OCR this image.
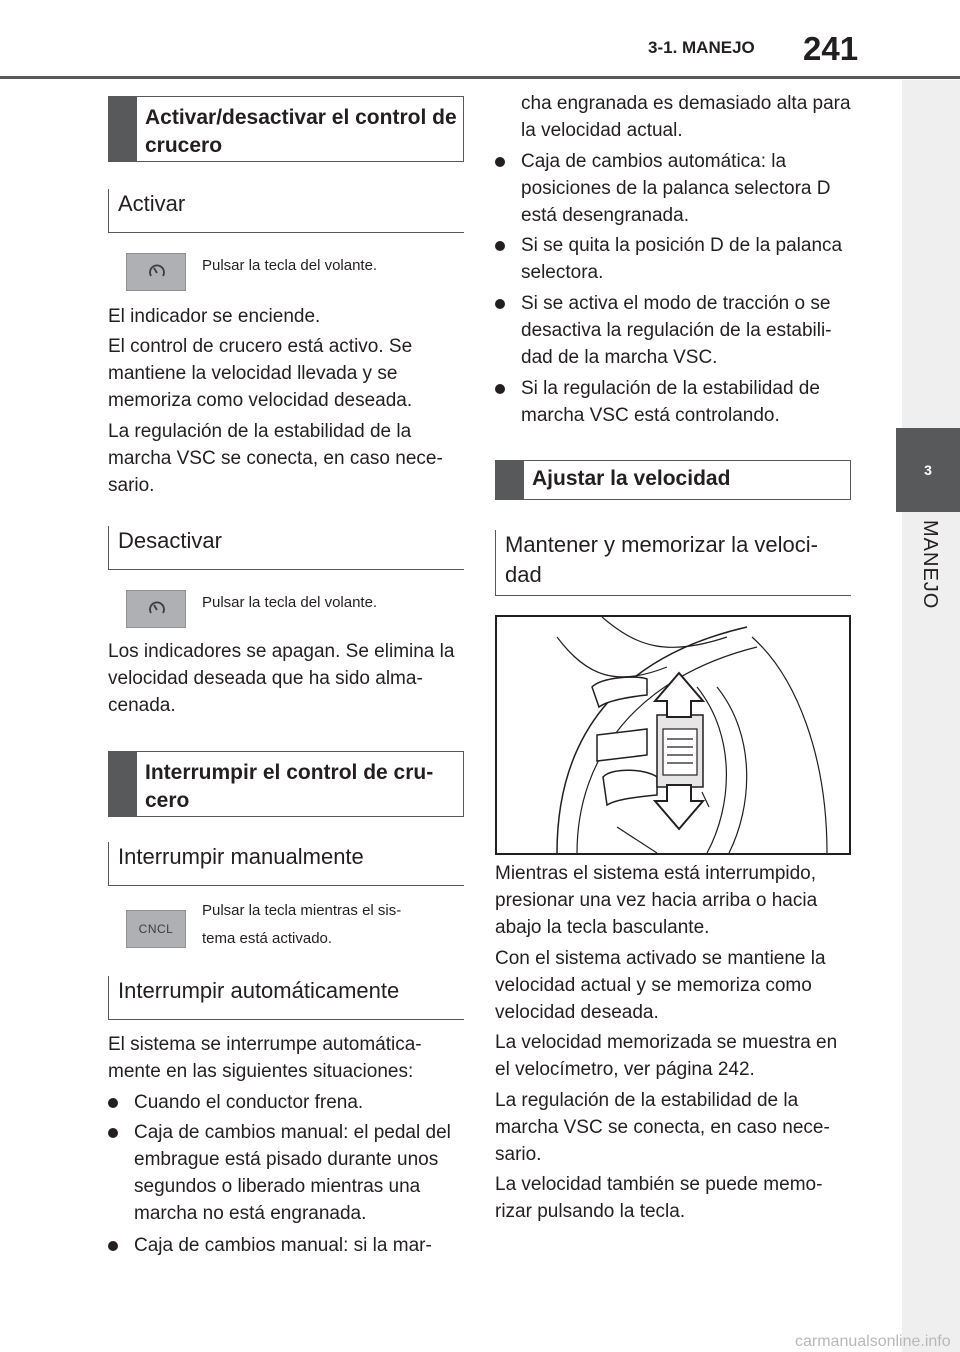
3-1. MANEJO 241
3
MANEJO
Activar/desactivar el control de crucero
Activar
Pulsar la tecla del volante.
El indicador se enciende.
El control de crucero está activo. Se mantiene la velocidad llevada y se memoriza como velocidad deseada.
La regulación de la estabilidad de la marcha VSC se conecta, en caso nece-sario.
Desactivar
Pulsar la tecla del volante.
Los indicadores se apagan. Se elimina la velocidad deseada que ha sido alma-cenada.
Interrumpir el control de cru-cero
Interrumpir manualmente
CNCL
Pulsar la tecla mientras el sis-
tema está activado.
Interrumpir automáticamente
El sistema se interrumpe automática-mente en las siguientes situaciones:
Cuando el conductor frena.
Caja de cambios manual: el pedal del embrague está pisado durante unos segundos o liberado mientras una marcha no está engranada.
Caja de cambios manual: si la mar-
cha engranada es demasiado alta para la velocidad actual.
Caja de cambios automática: la posiciones de la palanca selectora D está desengranada.
Si se quita la posición D de la palanca selectora.
Si se activa el modo de tracción o se desactiva la regulación de la estabili-dad de la marcha VSC.
Si la regulación de la estabilidad de marcha VSC está controlando.
Ajustar la velocidad
Mantener y memorizar la veloci-dad
Mientras el sistema está interrumpido, presionar una vez hacia arriba o hacia abajo la tecla basculante.
Con el sistema activado se mantiene la velocidad actual y se memoriza como velocidad deseada.
La velocidad memorizada se muestra en el velocímetro, ver página 242.
La regulación de la estabilidad de la marcha VSC se conecta, en caso nece-sario.
La velocidad también se puede memo-rizar pulsando la tecla.
carmanualsonline.info
